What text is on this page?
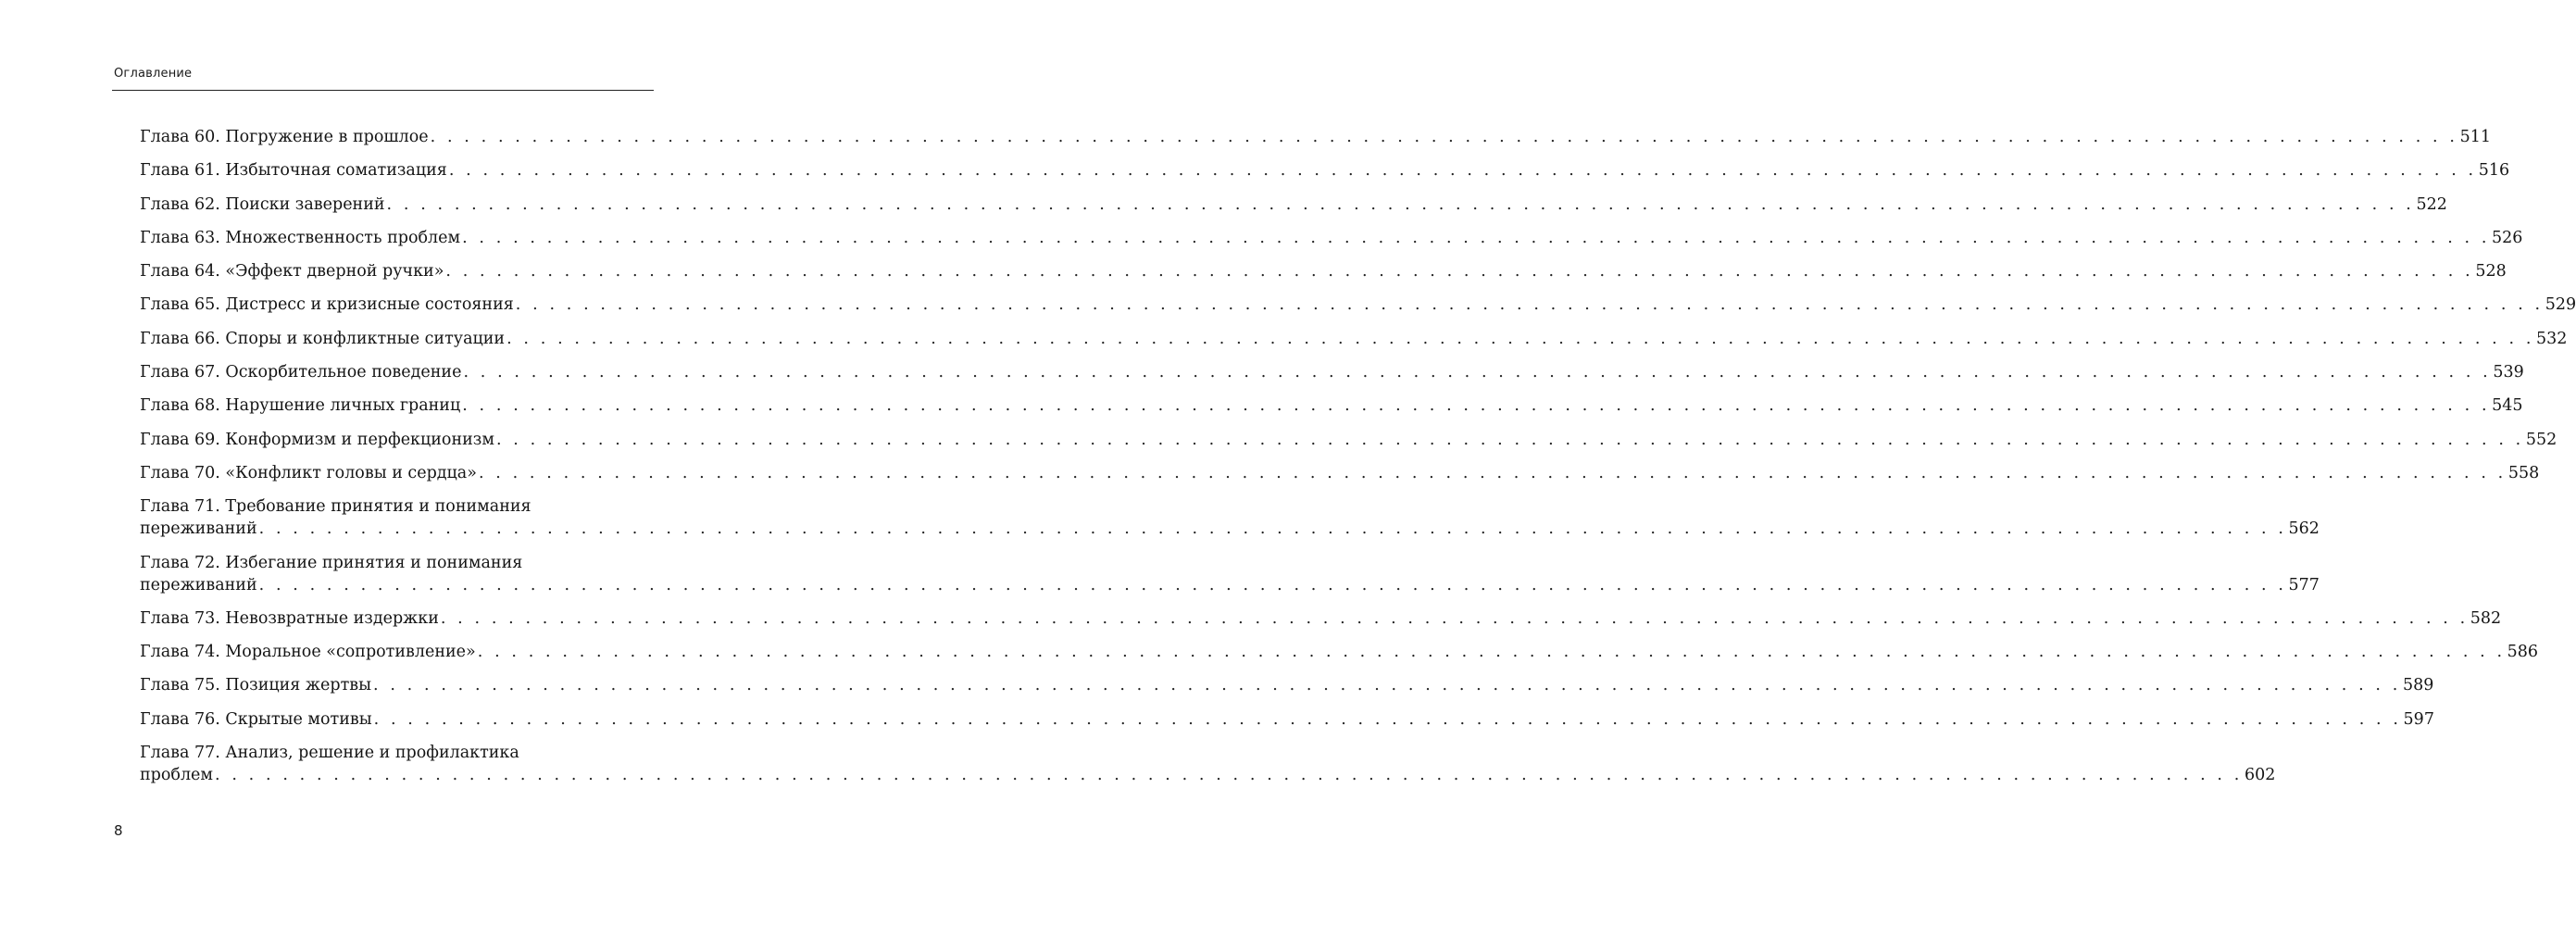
Оглавление
Глава 60. Погружение в прошлое . . . . . . . . . . . . . . . . . . . . . . . . . . . . . . . . . . . . . . . . . . . . . . . . . . . . . . . . . . . . . . . . . . . . . . . . . . . . . . . . . . . . . . . . . . . . . . . . . . . . . . . . . . . . . . . . . . . . . . . . 511
Глава 61. Избыточная соматизация . . . . . . . . . . . . . . . . . . . . . . . . . . . . . . . . . . . . . . . . . . . . . . . . . . . . . . . . . . . . . . . . . . . . . . . . . . . . . . . . . . . . . . . . . . . . . . . . . . . . . . . . . . . . . . . . . . . . . . . . 516
Глава 62. Поиски заверений . . . . . . . . . . . . . . . . . . . . . . . . . . . . . . . . . . . . . . . . . . . . . . . . . . . . . . . . . . . . . . . . . . . . . . . . . . . . . . . . . . . . . . . . . . . . . . . . . . . . . . . . . . . . . . . . . . . . . . . . 522
Глава 63. Множественность проблем . . . . . . . . . . . . . . . . . . . . . . . . . . . . . . . . . . . . . . . . . . . . . . . . . . . . . . . . . . . . . . . . . . . . . . . . . . . . . . . . . . . . . . . . . . . . . . . . . . . . . . . . . . . . . . . . . . . . . . . . 526
Глава 64. «Эффект дверной ручки» . . . . . . . . . . . . . . . . . . . . . . . . . . . . . . . . . . . . . . . . . . . . . . . . . . . . . . . . . . . . . . . . . . . . . . . . . . . . . . . . . . . . . . . . . . . . . . . . . . . . . . . . . . . . . . . . . . . . . . . . 528
Глава 65. Дистресс и кризисные состояния . . . . . . . . . . . . . . . . . . . . . . . . . . . . . . . . . . . . . . . . . . . . . . . . . . . . . . . . . . . . . . . . . . . . . . . . . . . . . . . . . . . . . . . . . . . . . . . . . . . . . . . . . . . . . . . . . . . . . . . . 529
Глава 66. Споры и конфликтные ситуации . . . . . . . . . . . . . . . . . . . . . . . . . . . . . . . . . . . . . . . . . . . . . . . . . . . . . . . . . . . . . . . . . . . . . . . . . . . . . . . . . . . . . . . . . . . . . . . . . . . . . . . . . . . . . . . . . . . . . . . . 532
Глава 67. Оскорбительное поведение . . . . . . . . . . . . . . . . . . . . . . . . . . . . . . . . . . . . . . . . . . . . . . . . . . . . . . . . . . . . . . . . . . . . . . . . . . . . . . . . . . . . . . . . . . . . . . . . . . . . . . . . . . . . . . . . . . . . . . . . 539
Глава 68. Нарушение личных границ . . . . . . . . . . . . . . . . . . . . . . . . . . . . . . . . . . . . . . . . . . . . . . . . . . . . . . . . . . . . . . . . . . . . . . . . . . . . . . . . . . . . . . . . . . . . . . . . . . . . . . . . . . . . . . . . . . . . . . . . 545
Глава 69. Конформизм и перфекционизм . . . . . . . . . . . . . . . . . . . . . . . . . . . . . . . . . . . . . . . . . . . . . . . . . . . . . . . . . . . . . . . . . . . . . . . . . . . . . . . . . . . . . . . . . . . . . . . . . . . . . . . . . . . . . . . . . . . . . . . . 552
Глава 70. «Конфликт головы и сердца» . . . . . . . . . . . . . . . . . . . . . . . . . . . . . . . . . . . . . . . . . . . . . . . . . . . . . . . . . . . . . . . . . . . . . . . . . . . . . . . . . . . . . . . . . . . . . . . . . . . . . . . . . . . . . . . . . . . . . . . . 558
Глава 71. Требование принятия и понимания
переживаний . . . . . . . . . . . . . . . . . . . . . . . . . . . . . . . . . . . . . . . . . . . . . . . . . . . . . . . . . . . . . . . . . . . . . . . . . . . . . . . . . . . . . . . . . . . . . . . . . . . . . . . . . . . . . . . . . . . . . . . . 562
Глава 72. Избегание принятия и понимания
переживаний . . . . . . . . . . . . . . . . . . . . . . . . . . . . . . . . . . . . . . . . . . . . . . . . . . . . . . . . . . . . . . . . . . . . . . . . . . . . . . . . . . . . . . . . . . . . . . . . . . . . . . . . . . . . . . . . . . . . . . . . 577
Глава 73. Невозвратные издержки . . . . . . . . . . . . . . . . . . . . . . . . . . . . . . . . . . . . . . . . . . . . . . . . . . . . . . . . . . . . . . . . . . . . . . . . . . . . . . . . . . . . . . . . . . . . . . . . . . . . . . . . . . . . . . . . . . . . . . . . 582
Глава 74. Моральное «сопротивление» . . . . . . . . . . . . . . . . . . . . . . . . . . . . . . . . . . . . . . . . . . . . . . . . . . . . . . . . . . . . . . . . . . . . . . . . . . . . . . . . . . . . . . . . . . . . . . . . . . . . . . . . . . . . . . . . . . . . . . . . 586
Глава 75. Позиция жертвы . . . . . . . . . . . . . . . . . . . . . . . . . . . . . . . . . . . . . . . . . . . . . . . . . . . . . . . . . . . . . . . . . . . . . . . . . . . . . . . . . . . . . . . . . . . . . . . . . . . . . . . . . . . . . . . . . . . . . . . . 589
Глава 76. Скрытые мотивы . . . . . . . . . . . . . . . . . . . . . . . . . . . . . . . . . . . . . . . . . . . . . . . . . . . . . . . . . . . . . . . . . . . . . . . . . . . . . . . . . . . . . . . . . . . . . . . . . . . . . . . . . . . . . . . . . . . . . . . . 597
Глава 77. Анализ, решение и профилактика
проблем . . . . . . . . . . . . . . . . . . . . . . . . . . . . . . . . . . . . . . . . . . . . . . . . . . . . . . . . . . . . . . . . . . . . . . . . . . . . . . . . . . . . . . . . . . . . . . . . . . . . . . . . . . . . . . . . . . . . . . . . 602
8
